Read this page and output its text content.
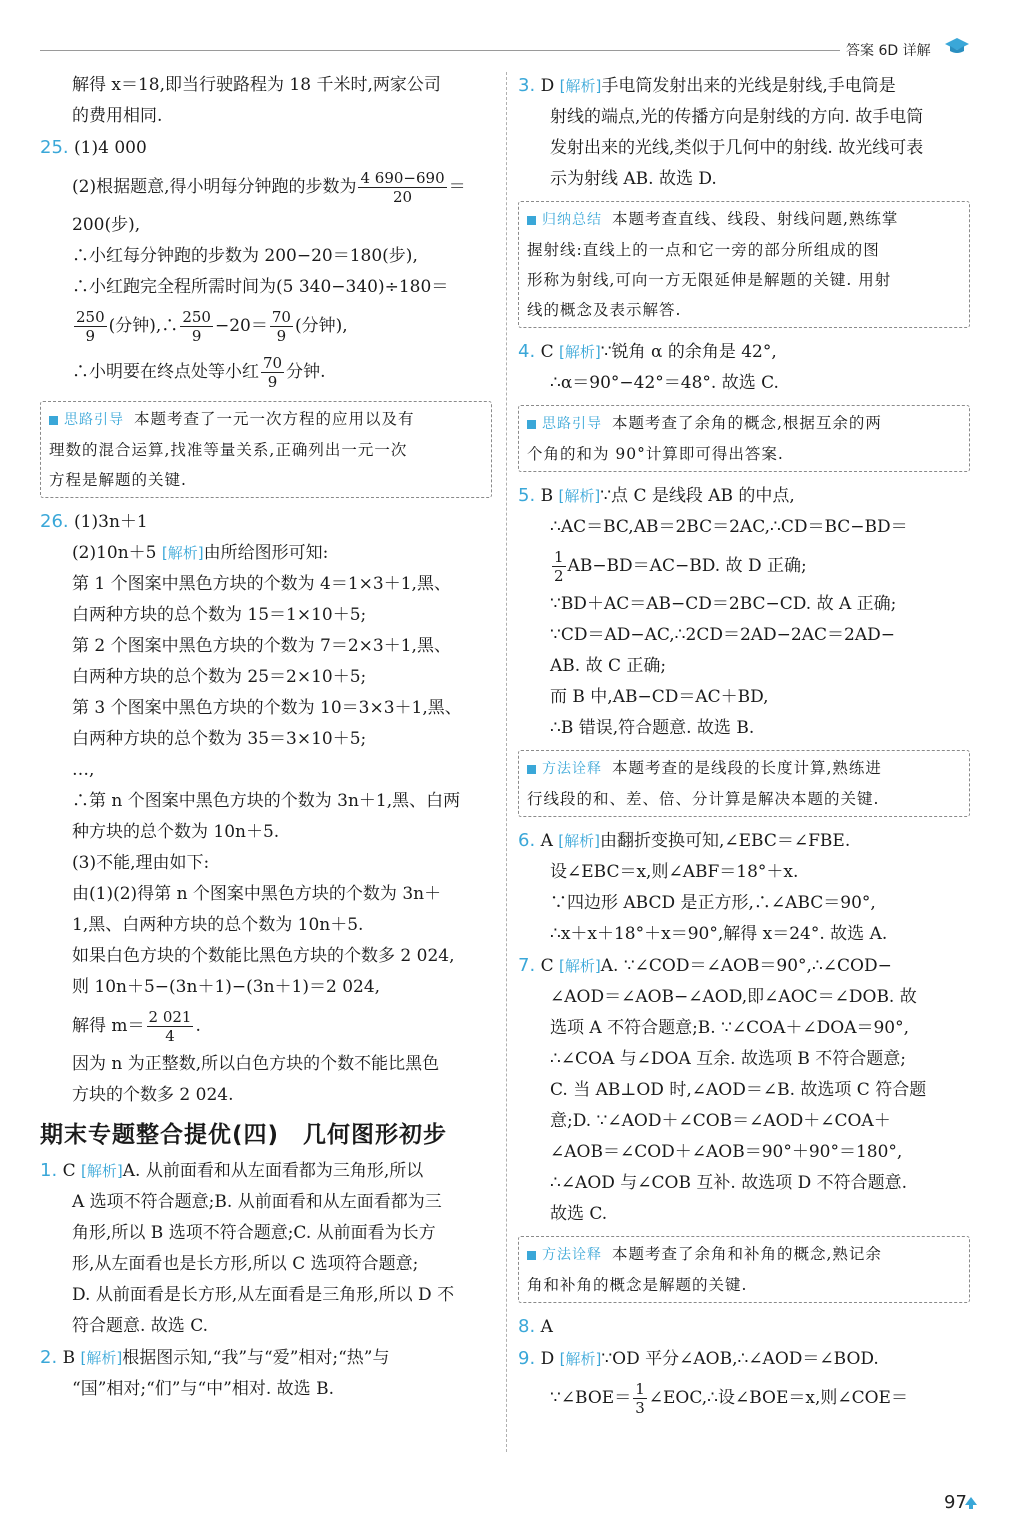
答案 6D 详解
解得 x＝18,即当行驶路程为 18 千米时,两家公司
的费用相同.
25. (1)4 000
(2)根据题意,得小明每分钟跑的步数为 $\frac{4 690-690}{20}$ ＝
200(步),
∴小红每分钟跑的步数为 200−20＝180(步),
∴小红跑完全程所需时间为(5 340−340)÷180＝
$\frac{250}{9}$ (分钟),∴ $\frac{250}{9} -20= \frac{70}{9}$ (分钟),
∴小明要在终点处等小红 $\frac{70}{9}$ 分钟.
思路引导 本题考查了一元一次方程的应用以及有
理数的混合运算,找准等量关系,正确列出一元一次
方程是解题的关键.
26. (1)3n＋1
(2)10n＋5 [解析]由所给图形可知:
第 1 个图案中黑色方块的个数为 4＝1×3＋1,黑、
白两种方块的总个数为 15＝1×10＋5;
第 2 个图案中黑色方块的个数为 7＝2×3＋1,黑、
白两种方块的总个数为 25＝2×10＋5;
第 3 个图案中黑色方块的个数为 10＝3×3＋1,黑、
白两种方块的总个数为 35＝3×10＋5;
…,
∴第 n 个图案中黑色方块的个数为 3n＋1,黑、白两
种方块的总个数为 10n＋5.
(3)不能,理由如下:
由(1)(2)得第 n 个图案中黑色方块的个数为 3n＋
1,黑、白两种方块的总个数为 10n＋5.
如果白色方块的个数能比黑色方块的个数多 2 024,
则 10n＋5−(3n＋1)−(3n＋1)＝2 024,
解得 $m= \frac{2 021}{4}$ .
因为 n 为正整数,所以白色方块的个数不能比黑色
方块的个数多 2 024.
期末专题整合提优(四)　几何图形初步
1. C [解析]A. 从前面看和从左面看都为三角形,所以
A 选项不符合题意;B. 从前面看和从左面看都为三
角形,所以 B 选项不符合题意;C. 从前面看为长方
形,从左面看也是长方形,所以 C 选项符合题意;
D. 从前面看是长方形,从左面看是三角形,所以 D 不
符合题意. 故选 C.
2. B [解析]根据图示知,“我”与“爱”相对;“热”与
“国”相对;“们”与“中”相对. 故选 B.
3. D [解析]手电筒发射出来的光线是射线,手电筒是
射线的端点,光的传播方向是射线的方向. 故手电筒
发射出来的光线,类似于几何中的射线. 故光线可表
示为射线 AB. 故选 D.
归纳总结 本题考查直线、线段、射线问题,熟练掌
握射线:直线上的一点和它一旁的部分所组成的图
形称为射线,可向一方无限延伸是解题的关键. 用射
线的概念及表示解答.
4. C [解析]∵锐角 α 的余角是 42°,
∴α＝90°−42°＝48°. 故选 C.
思路引导 本题考查了余角的概念,根据互余的两
个角的和为 90°计算即可得出答案.
5. B [解析]∵点 C 是线段 AB 的中点,
∴AC＝BC,AB＝2BC＝2AC,∴CD＝BC−BD＝
$\frac{1}{2} AB-BD=AC-BD$. 故 D 正确;
∵BD＋AC＝AB−CD＝2BC−CD. 故 A 正确;
∵CD＝AD−AC,∴2CD＝2AD−2AC＝2AD−
AB. 故 C 正确;
而 B 中,AB−CD＝AC＋BD,
∴B 错误,符合题意. 故选 B.
方法诠释 本题考查的是线段的长度计算,熟练进
行线段的和、差、倍、分计算是解决本题的关键.
6. A [解析]由翻折变换可知,∠EBC＝∠FBE.
设∠EBC＝x,则∠ABF＝18°＋x.
∵四边形 ABCD 是正方形,∴∠ABC＝90°,
∴x＋x＋18°＋x＝90°,解得 x＝24°. 故选 A.
7. C [解析]A. ∵∠COD＝∠AOB＝90°,∴∠COD−
∠AOD＝∠AOB−∠AOD,即∠AOC＝∠DOB. 故
选项 A 不符合题意;B. ∵∠COA＋∠DOA＝90°,
∴∠COA 与∠DOA 互余. 故选项 B 不符合题意;
C. 当 AB⊥OD 时,∠AOD＝∠B. 故选项 C 符合题
意;D. ∵∠AOD＋∠COB＝∠AOD＋∠COA＋
∠AOB＝∠COD＋∠AOB＝90°＋90°＝180°,
∴∠AOD 与∠COB 互补. 故选项 D 不符合题意.
故选 C.
方法诠释 本题考查了余角和补角的概念,熟记余
角和补角的概念是解题的关键.
8. A
9. D [解析]∵OD 平分∠AOB,∴∠AOD＝∠BOD.
∵∠BOE＝ $\frac{1}{3}$ ∠EOC,∴设∠BOE＝x,则∠COE＝
97
